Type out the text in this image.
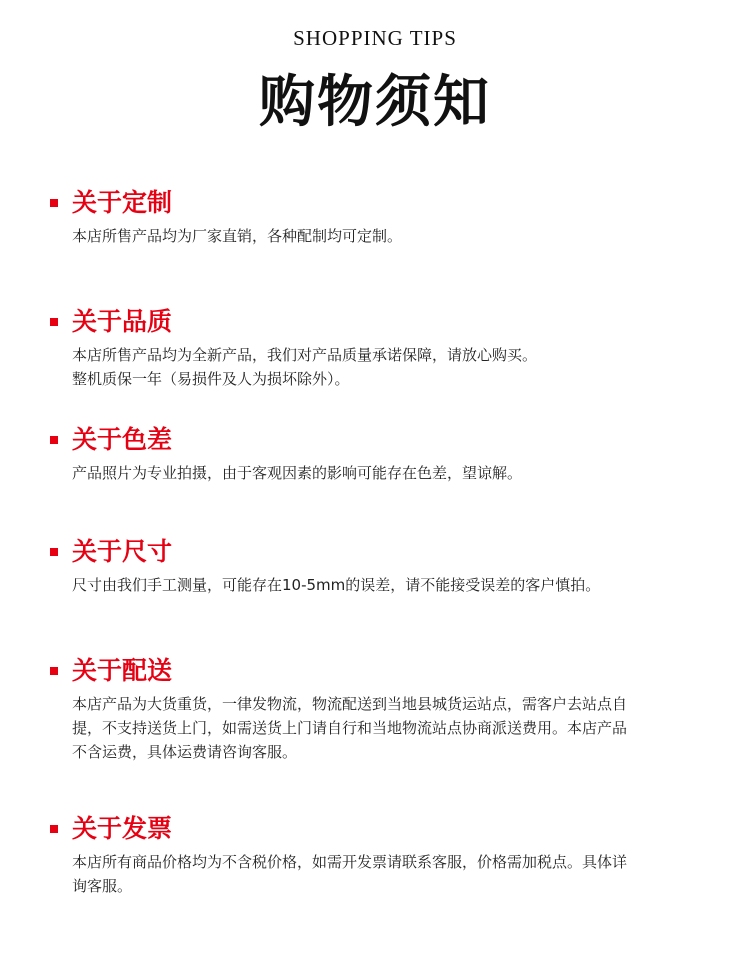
SHOPPING TIPS
购物须知
关于定制

本店所售产品均为厂家直销，各种配制均可定制。

关于品质

本店所售产品均为全新产品，我们对产品质量承诺保障，请放心购买。

整机质保一年（易损件及人为损坏除外）。

关于色差

产品照片为专业拍摄，由于客观因素的影响可能存在色差，望谅解。

关于尺寸

尺寸由我们手工测量，可能存在10-5mm的误差，请不能接受误差的客户慎拍。

关于配送

本店产品为大货重货，一律发物流，物流配送到当地县城货运站点，需客户去站点自

提，不支持送货上门，如需送货上门请自行和当地物流站点协商派送费用。本店产品

不含运费，具体运费请咨询客服。

关于发票

本店所有商品价格均为不含税价格，如需开发票请联系客服，价格需加税点。具体详

询客服。
